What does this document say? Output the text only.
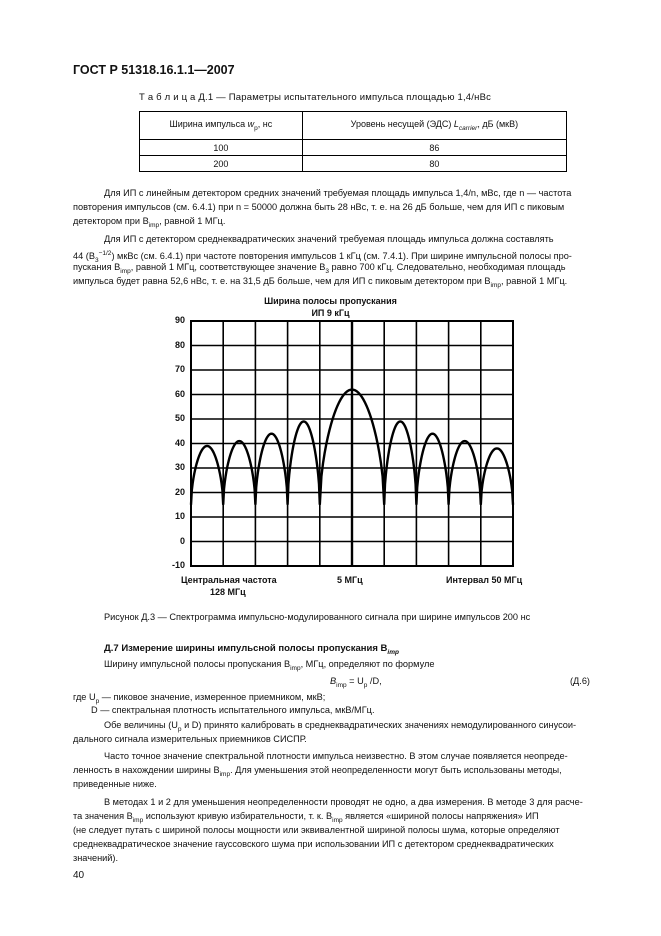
ГОСТ Р 51318.16.1.1—2007
Т а б л и ц а Д.1 — Параметры испытательного импульса площадью 1,4/нВс
Ширина импульса $w_p$, нс	Уровень несущей (ЭДС) $L_{carrier}$, дБ (мкВ)
100	86
200	80
Для ИП с линейным детектором средних значений требуемая площадь импульса 1,4/n, мВс, где n — частота
повторения импульсов (см. 6.4.1) при n = 50000 должна быть 28 нВс, т. е. на 26 дБ больше, чем для ИП с пиковым
детектором при $B_{imp}$, равной 1 МГц.
Для ИП с детектором среднеквадратических значений требуемая площадь импульса должна составлять
44 $(B_3^{-1/2})$ мкВс (см. 6.4.1) при частоте повторения импульсов 1 кГц (см. 7.4.1). При ширине импульсной полосы про-
пускания $B_{imp}$, равной 1 МГц, соответствующее значение $B_3$ равно 700 кГц. Следовательно, необходимая площадь
импульса будет равна 52,6 нВс, т. е. на 31,5 дБ больше, чем для ИП с пиковым детектором при $B_{imp}$, равной 1 МГц.
Ширина полосы пропускания
ИП 9 кГц
90
80
70
60
50
40
30
20
10
0
-10
Центральная частота
128 МГц
5 МГц	Интервал 50 МГц
Рисунок Д.3 — Спектрограмма импульсно-модулированного сигнала при ширине импульсов 200 нс
Д.7 Измерение ширины импульсной полосы пропускания $B_{imp}$
Ширину импульсной полосы пропускания $B_{imp}$, МГц, определяют по формуле
$B_{imp} = U_p$ /D,	(Д.6)
где $U_p$ — пиковое значение, измеренное приемником, мкВ;
D — спектральная плотность испытательного импульса, мкВ/МГц.
Обе величины ($U_p$ и D) принято калибровать в среднеквадратических значениях немодулированного синусои-
дального сигнала измерительных приемников СИСПР.
Часто точное значение спектральной плотности импульса неизвестно. В этом случае появляется неопреде-
ленность в нахождении ширины $B_{imp}$. Для уменьшения этой неопределенности могут быть использованы методы,
приведенные ниже.
В методах 1 и 2 для уменьшения неопределенности проводят не одно, а два измерения. В методе 3 для расче-
та значения $B_{imp}$ используют кривую избирательности, т. к. $B_{imp}$ является «шириной полосы напряжения» ИП
(не следует путать с шириной полосы мощности или эквивалентной шириной полосы шума, которые определяют
среднеквадратическое значение гауссовского шума при использовании ИП с детектором среднеквадратических
значений).
40
